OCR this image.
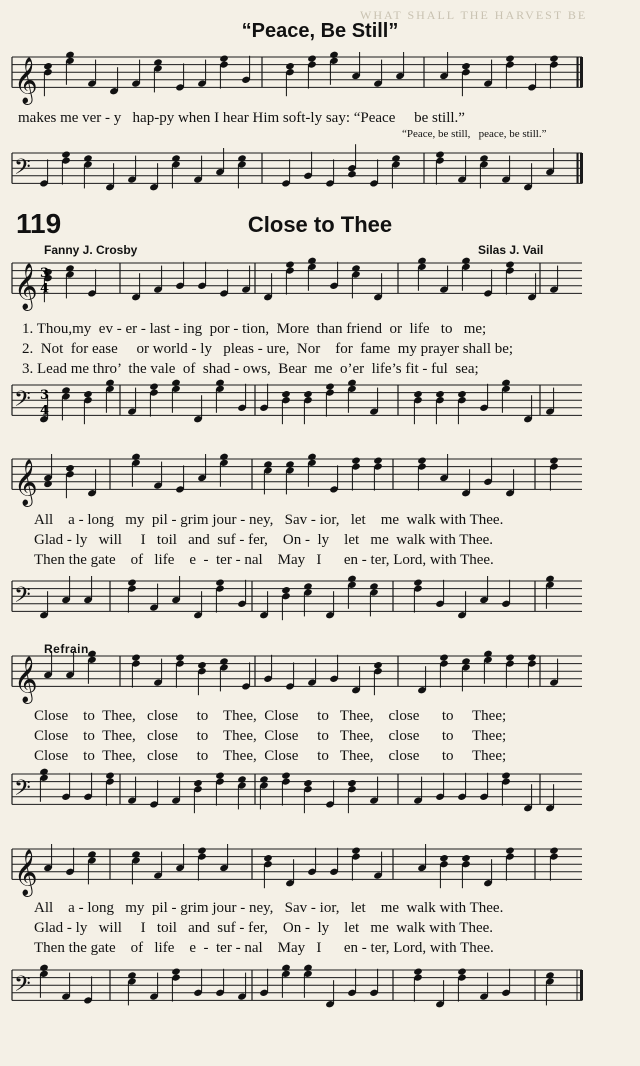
WHAT SHALL THE HARVEST BE
“Peace, Be Still”
makes me ver - y   hap-py when I hear Him soft-ly say: “Peace     be still.”
“Peace, be still,   peace, be still.”
119	Close to Thee
Fanny J. Crosby	Silas J. Vail
1. Thou,my  ev - er - last - ing  por - tion,  More  than friend  or  life   to   me;
2.  Not  for ease     or world - ly   pleas - ure,  Nor    for  fame  my prayer shall be;
3. Lead me thro’  the vale  of  shad - ows,  Bear  me  o’er  life’s fit - ful  sea;
All    a - long   my  pil - grim jour - ney,   Sav - ior,   let    me  walk with Thee.
Glad - ly   will     I   toil   and  suf - fer,    On -  ly    let   me  walk with Thee.
Then the gate    of   life    e  -  ter - nal    May   I      en - ter, Lord, with Thee.
Refrain
Close    to  Thee,   close     to    Thee,  Close     to   Thee,    close      to     Thee;
Close    to  Thee,   close     to    Thee,  Close     to   Thee,    close      to     Thee;
Close    to  Thee,   close     to    Thee,  Close     to   Thee,    close      to     Thee;
All    a - long   my  pil - grim jour - ney,   Sav - ior,   let    me  walk with Thee.
Glad - ly   will     I   toil   and  suf - fer,    On -  ly    let   me  walk with Thee.
Then the gate    of   life    e  -  ter - nal    May   I      en - ter, Lord, with Thee.
𝄞
𝄢
𝄞
𝄢
𝄞
𝄢
𝄞
𝄢
𝄞
𝄢
3
4
3
4
